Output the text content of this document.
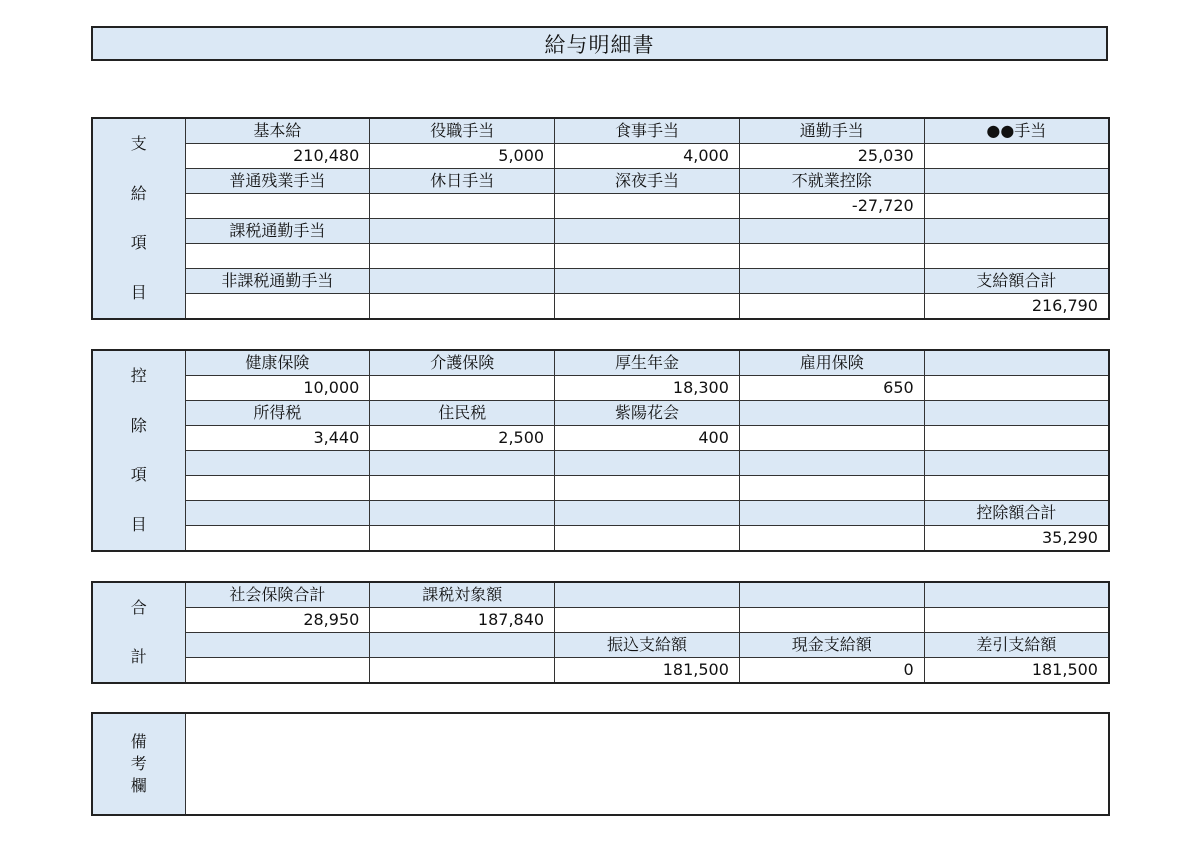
給与明細書
支
給
項
目	基本給	役職手当	食事手当	通勤手当	●●手当
	210,480	5,000	4,000	25,030	
	普通残業手当	休日手当	深夜手当	不就業控除	
				-27,720	
	課税通勤手当				

	非課税通勤手当				支給額合計
					216,790
控
除
項
目	健康保険	介護保険	厚生年金	雇用保険	
	10,000		18,300	650	
	所得税	住民税	紫陽花会		
	3,440	2,500	400		

					控除額合計
					35,290
合
計	社会保険合計	課税対象額			
	28,950	187,840			
			振込支給額	現金支給額	差引支給額
			181,500	0	181,500
備
考
欄
